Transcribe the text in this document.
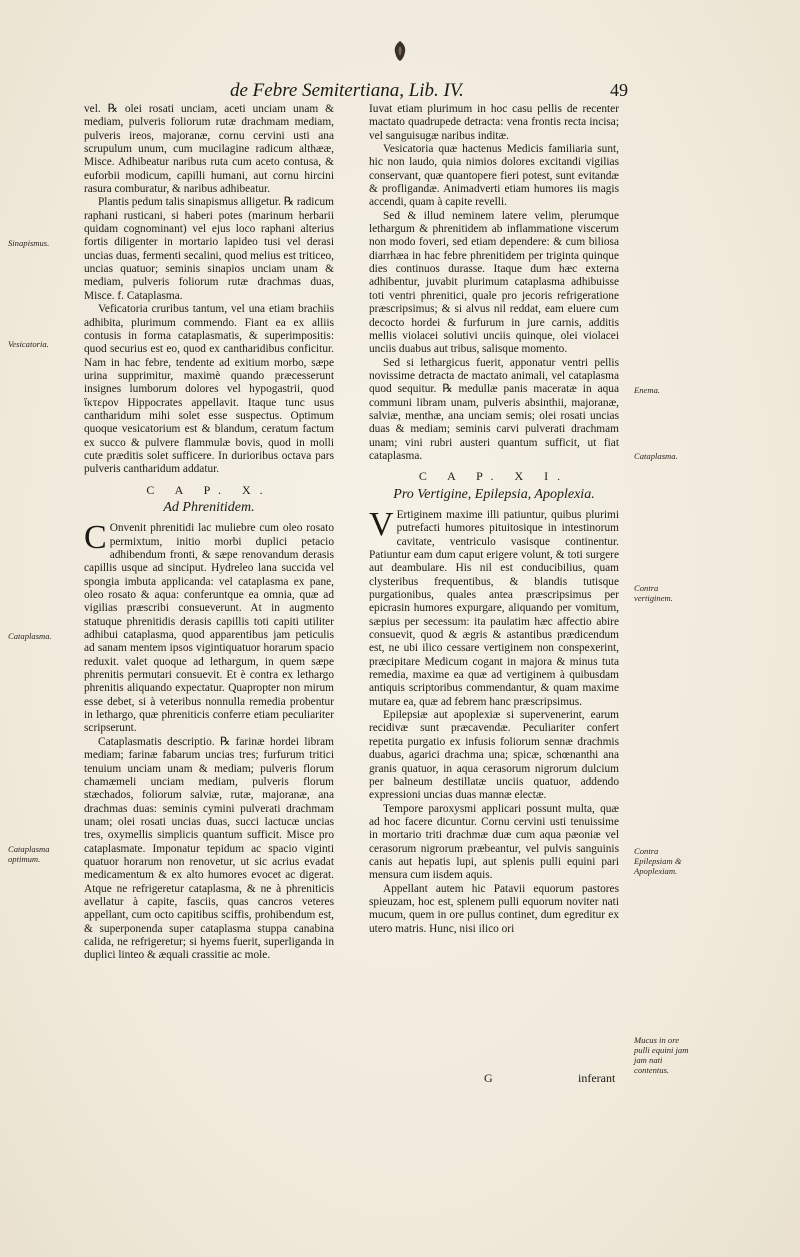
de Febre Semitertiana, Lib. IV.	49

vel. ℞ olei rosati unciam, aceti unciam unam & mediam, pulveris foliorum rutæ drachmam mediam, pulveris ireos, majoranæ, cornu cervini usti ana scrupulum unum, cum mucilagine radicum althææ, Misce. Adhibeatur naribus ruta cum aceto contusa, & euforbii modicum, capilli humani, aut cornu hircini rasura comburatur, & naribus adhibeatur.

Plantis pedum talis sinapismus alligetur. ℞ radicum raphani rusticani, si haberi potes (marinum herbarii quidam cognominant) vel ejus loco raphani alterius fortis diligenter in mortario lapideo tusi vel derasi uncias duas, fermenti secalini, quod melius est triticeo, uncias quatuor; seminis sinapios unciam unam & mediam, pulveris foliorum rutæ drachmas duas, Misce. f. Cataplasma.

Veficatoria cruribus tantum, vel una etiam brachiis adhibita, plurimum commendo. Fiant ea ex alliis contusis in forma cataplasmatis, & superimpositis: quod securius est eo, quod ex cantharidibus conficitur. Nam in hac febre, tendente ad exitium morbo, sæpe urina supprimitur, maximè quando præcesserunt insignes lumborum dolores vel hypogastrii, quod ἴκτερον Hippocrates appellavit. Itaque tunc usus cantharidum mihi solet esse suspectus. Optimum quoque vesicatorium est & blandum, ceratum factum ex succo & pulvere flammulæ bovis, quod in molli cute præditis solet sufficere. In durioribus octava pars pulveris cantharidum addatur.

C A P. X.
Ad Phrenitidem.

C Onvenit phrenitidi lac muliebre cum oleo rosato permixtum, initio morbi duplici petacio adhibendum fronti, & sæpe renovandum derasis capillis usque ad sinciput. Hydreleo lana succida vel spongia imbuta applicanda: vel cataplasma ex pane, oleo rosato & aqua: conferuntque ea omnia, quæ ad vigilias præscribi consueverunt. At in augmento statuque phrenitidis derasis capillis toti capiti utiliter adhibui cataplasma, quod apparentibus jam peticulis ad sanam mentem ipsos vigintiquatuor horarum spacio reduxit. valet quoque ad lethargum, in quem sæpe phrenitis permutari consuevit. Et è contra ex lethargo phrenitis aliquando expectatur. Quapropter non mirum esse debet, si à veteribus nonnulla remedia probentur in lethargo, quæ phreniticis conferre etiam peculiariter scripserunt.

Cataplasmatis descriptio. ℞ farinæ hordei libram mediam; farinæ fabarum uncias tres; furfurum tritici tenuium unciam unam & mediam; pulveris florum chamæmeli unciam mediam, pulveris florum stæchados, foliorum salviæ, rutæ, majoranæ, ana drachmas duas: seminis cymini pulverati drachmam unam; olei rosati uncias duas, succi lactucæ uncias tres, oxymellis simplicis quantum sufficit. Misce pro cataplasmate. Imponatur tepidum ac spacio viginti quatuor horarum non renovetur, ut sic acrius evadat medicamentum & ex alto humores evocet ac digerat. Atque ne refrigeretur cataplasma, & ne à phreniticis avellatur à capite, fasciis, quas cancros veteres appellant, cum octo capitibus sciffis, prohibendum est, & superponenda super cataplasma stuppa canabina calida, ne refrigeretur; si hyems fuerit, superliganda in duplici linteo & æquali crassitie ac mole.

Iuvat etiam plurimum in hoc casu pellis de recenter mactato quadrupede detracta: vena frontis recta incisa; vel sanguisugæ naribus inditæ.

Vesicatoria quæ hactenus Medicis familiaria sunt, hic non laudo, quia nimios dolores excitandi vigilias conservant, quæ quantopere fieri potest, sunt evitandæ & profligandæ. Animadverti etiam humores iis magis accendi, quam à capite revelli.

Sed & illud neminem latere velim, plerumque lethargum & phrenitidem ab inflammatione viscerum non modo foveri, sed etiam dependere: & cum biliosa diarrhæa in hac febre phrenitidem per triginta quinque dies continuos durasse. Itaque dum hæc externa adhibentur, juvabit plurimum cataplasma adhibuisse toti ventri phrenitici, quale pro jecoris refrigeratione præscripsimus; & si alvus nil reddat, eam eluere cum decocto hordei & furfurum in jure carnis, additis mellis violacei solutivi unciis quinque, olei violacei unciis duabus aut tribus, salisque momento.

Sed si lethargicus fuerit, apponatur ventri pellis novissime detracta de mactato animali, vel cataplasma quod sequitur. ℞ medullæ panis maceratæ in aqua communi libram unam, pulveris absinthii, majoranæ, salviæ, menthæ, ana unciam semis; olei rosati uncias duas & mediam; seminis carvi pulverati drachmam unam; vini rubri austeri quantum sufficit, ut fiat cataplasma.

C A P. X I.
Pro Vertigine, Epilepsia, Apoplexia.

V Ertiginem maxime illi patiuntur, quibus plurimi putrefacti humores pituitosique in intestinorum cavitate, ventriculo vasisque continentur. Patiuntur eam dum caput erigere volunt, & toti surgere aut deambulare. His nil est conducibilius, quam clysteribus frequentibus, & blandis tutisque purgationibus, quales antea præscripsimus per epicrasin humores expurgare, aliquando per vomitum, sæpius per secessum: ita paulatim hæc affectio abire consuevit, quod & ægris & astantibus prædicendum est, ne ubi ilico cessare vertiginem non conspexerint, præcipitare Medicum cogant in majora & minus tuta remedia, maxime ea quæ ad vertiginem à quibusdam antiquis scriptoribus commendantur, & quam maxime mutare ea, quæ ad febrem hanc præscripsimus.

Epilepsiæ aut apoplexiæ si supervenerint, earum recidivæ sunt præcavendæ. Peculiariter confert repetita purgatio ex infusis foliorum sennæ drachmis duabus, agarici drachma una; spicæ, schœnanthi ana granis quatuor, in aqua cerasorum nigrorum dulcium per balneum destillatæ unciis quatuor, addendo expressioni uncias duas mannæ electæ.

Tempore paroxysmi applicari possunt multa, quæ ad hoc facere dicuntur. Cornu cervini usti tenuissime in mortario triti drachmæ duæ cum aqua pæoniæ vel cerasorum nigrorum præbeantur, vel pulvis sanguinis canis aut hepatis lupi, aut splenis pulli equini pari mensura cum iisdem aquis.

Appellant autem hic Patavii equorum pastores spieuzam, hoc est, splenem pulli equorum noviter nati mucum, quem in ore pullus continet, dum egreditur ex utero matris. Hunc, nisi ilico ori

Sinapismus.
Vesicatoria.
Cataplasma.
Cataplasma optimum.
Enema.
Cataplasma.
Contra vertiginem.
Contra Epilepsiam & Apoplexiam.
Mucus in ore pulli equini jam jam nati contentus.
G	inferant
